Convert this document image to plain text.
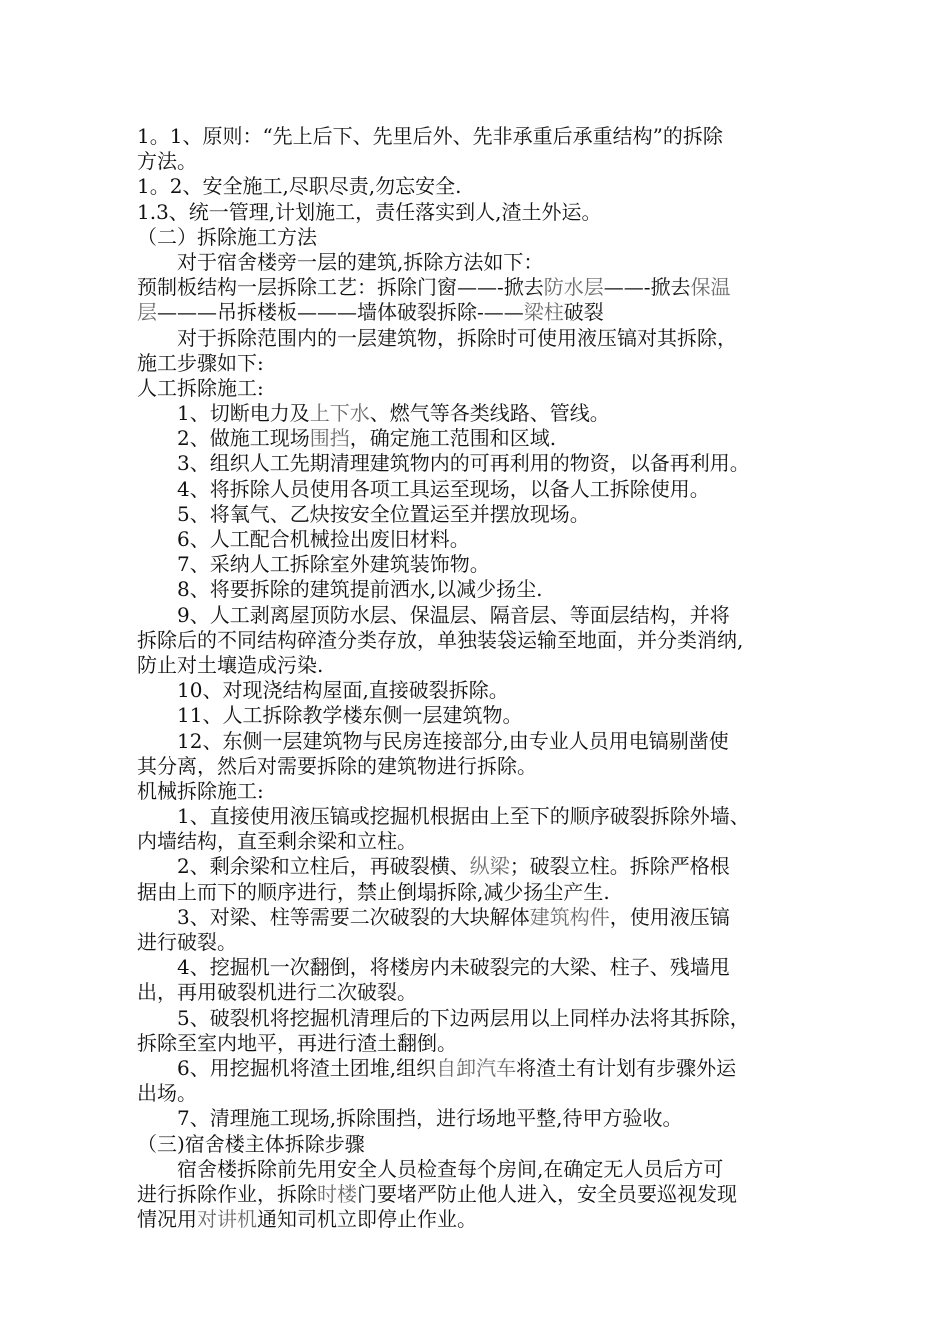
1。1、原则：“先上后下、先里后外、先非承重后承重结构”的拆除
方法。
1。2、安全施工,尽职尽责,勿忘安全.
1.3、统一管理,计划施工，责任落实到人,渣土外运。
（二）拆除施工方法
对于宿舍楼旁一层的建筑,拆除方法如下：
预制板结构一层拆除工艺：拆除门窗——-掀去防水层——-掀去保温
层———吊拆楼板———墙体破裂拆除-——梁柱破裂
对于拆除范围内的一层建筑物，拆除时可使用液压镐对其拆除，
施工步骤如下:
人工拆除施工:
1、切断电力及上下水、燃气等各类线路、管线。
2、做施工现场围挡，确定施工范围和区域.
3、组织人工先期清理建筑物内的可再利用的物资，以备再利用。
4、将拆除人员使用各项工具运至现场，以备人工拆除使用。
5、将氧气、乙炔按安全位置运至并摆放现场。
6、人工配合机械捡出废旧材料。
7、采纳人工拆除室外建筑装饰物。
8、将要拆除的建筑提前洒水,以减少扬尘.
9、人工剥离屋顶防水层、保温层、隔音层、等面层结构，并将
拆除后的不同结构碎渣分类存放，单独装袋运输至地面，并分类消纳,
防止对土壤造成污染.
10、对现浇结构屋面,直接破裂拆除。
11、人工拆除教学楼东侧一层建筑物。
12、东侧一层建筑物与民房连接部分,由专业人员用电镐剔凿使
其分离，然后对需要拆除的建筑物进行拆除。
机械拆除施工:
1、直接使用液压镐或挖掘机根据由上至下的顺序破裂拆除外墙、
内墙结构，直至剩余梁和立柱。
2、剩余梁和立柱后，再破裂横、纵梁；破裂立柱。拆除严格根
据由上而下的顺序进行，禁止倒塌拆除,减少扬尘产生.
3、对梁、柱等需要二次破裂的大块解体建筑构件，使用液压镐
进行破裂。
4、挖掘机一次翻倒，将楼房内未破裂完的大梁、柱子、残墙甩
出，再用破裂机进行二次破裂。
5、破裂机将挖掘机清理后的下边两层用以上同样办法将其拆除，
拆除至室内地平，再进行渣土翻倒。
6、用挖掘机将渣土团堆,组织自卸汽车将渣土有计划有步骤外运
出场。
7、清理施工现场,拆除围挡，进行场地平整,待甲方验收。
（三)宿舍楼主体拆除步骤
宿舍楼拆除前先用安全人员检查每个房间,在确定无人员后方可
进行拆除作业，拆除时楼门要堵严防止他人进入，安全员要巡视发现
情况用对讲机通知司机立即停止作业。
